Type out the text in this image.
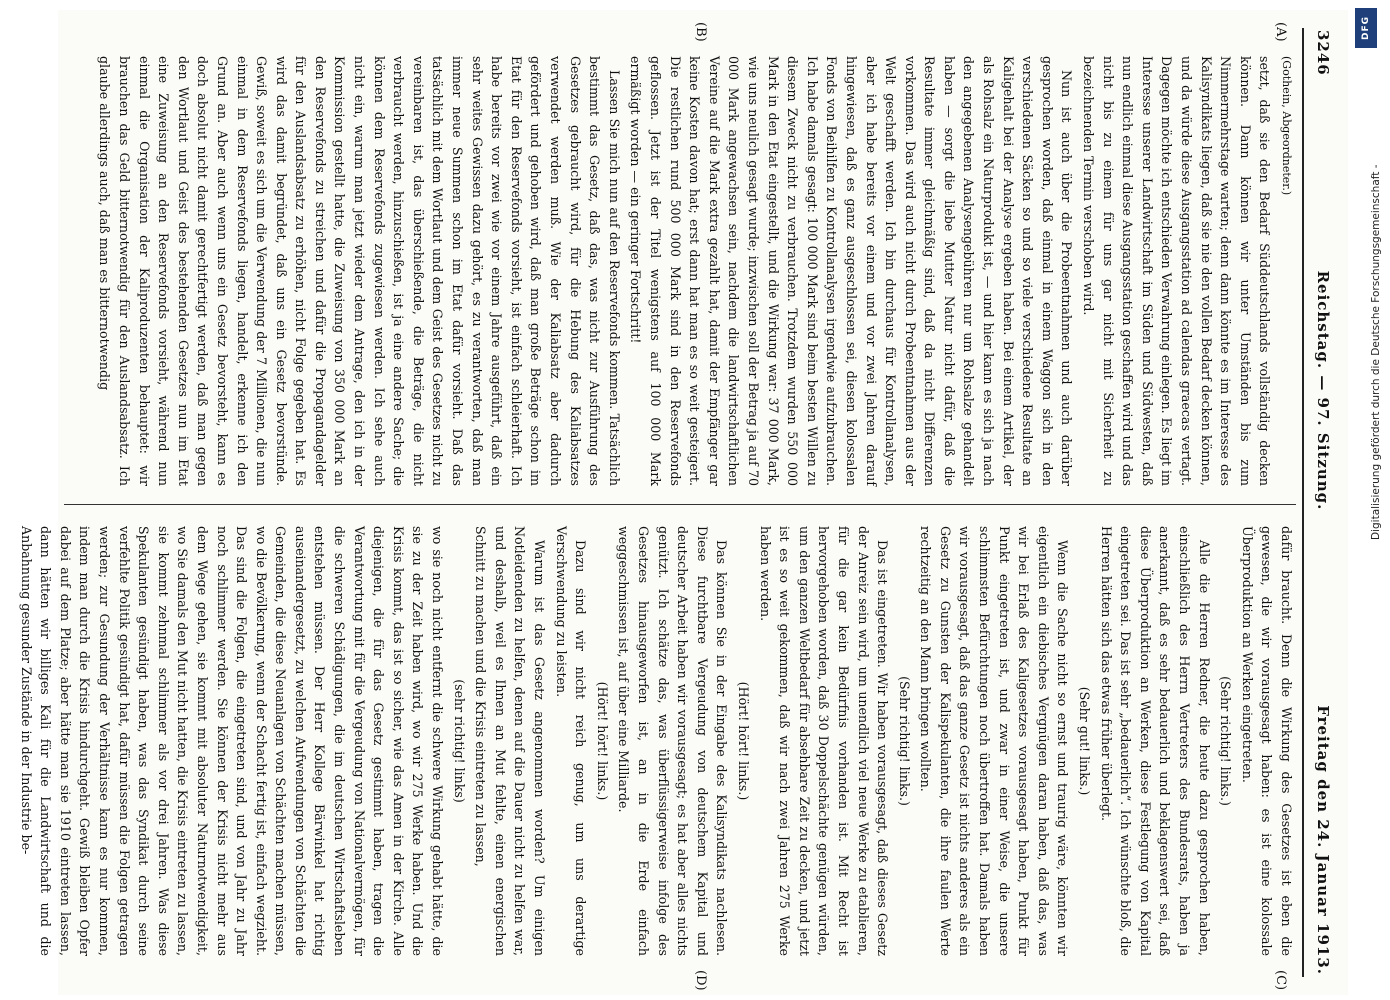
3246
Reichstag. — 97. Sitzung.
Freitag den 24. Januar 1913.
(A)
(B)
(C)
(D)

(Gothein, Abgeordneter.)

setzt, daß sie den Bedarf Süddeutschlands vollständig decken können. Dann können wir unter Umständen bis zum Nimmermehrstage warten; denn dann könnte es im Interesse des Kalisyndikats liegen, daß sie nie den vollen Bedarf decken können, und da würde diese Ausgangsstation ad calendas graecas vertagt. Dagegen möchte ich entschieden Verwahrung einlegen. Es liegt im Interesse unserer Landwirtschaft im Süden und Südwesten, daß nun endlich einmal diese Ausgangsstation geschaffen wird und das nicht bis zu einem für uns gar nicht mit Sicherheit zu bezeichnenden Termin verschoben wird.

Nun ist auch über die Probeentnahmen und auch darüber gesprochen worden, daß einmal in einem Waggon sich in den verschiedenen Säcken so und so viele verschiedene Resultate an Kaligehalt bei der Analyse ergeben haben. Bei einem Artikel, der als Rohsalz ein Naturprodukt ist, — und hier kann es sich ja nach den angegebenen Analysengebühren nur um Rohsalze gehandelt haben — sorgt die liebe Mutter Natur nicht dafür, daß die Resultate immer gleichmäßig sind, daß da nicht Differenzen vorkommen. Das wird auch nicht durch Probeentnahmen aus der Welt geschafft werden. Ich bin durchaus für Kontrollanalysen, aber ich habe bereits vor einem und vor zwei Jahren darauf hingewiesen, daß es ganz ausgeschlossen sei, diesen kolossalen Fonds von Beihilfen zu Kontrollanalysen irgendwie aufzubrauchen. Ich habe damals gesagt: 100 000 Mark sind beim besten Willen zu diesem Zweck nicht zu verbrauchen. Trotzdem wurden 550 000 Mark in den Etat eingestellt, und die Wirkung war: 37 000 Mark, wie uns neulich gesagt wurde; inzwischen soll der Betrag ja auf 70 000 Mark angewachsen sein, nachdem die landwirtschaftlichen Vereine auf die Mark extra gezahlt hat, damit der Empfänger gar keine Kosten davon hat; erst dann hat man es so weit gesteigert. Die restlichen rund 500 000 Mark sind in den Reservefonds geflossen. Jetzt ist der Titel wenigstens auf 100 000 Mark ermäßigt worden — ein geringer Fortschritt!

Lassen Sie mich nun auf den Reservefonds kommen. Tatsächlich bestimmt das Gesetz, daß das, was nicht zur Ausführung des Gesetzes gebraucht wird, für die Hebung des Kaliabsatzes verwendet werden muß. Wie der Kaliabsatz aber dadurch gefördert und gehoben wird, daß man große Beträge schon im Etat für den Reservefonds vorsieht, ist einfach schleierhaft. Ich habe bereits vor zwei wie vor einem Jahre ausgeführt, daß ein sehr weites Gewissen dazu gehört, es zu verantworten, daß man immer neue Summen schon im Etat dafür vorsieht. Daß das tatsächlich mit dem Wortlaut und dem Geist des Gesetzes nicht zu vereinbaren ist, das überschießende, die Beträge, die nicht verbraucht werden, hinzuschießen, ist ja eine andere Sache; die können dem Reservefonds zugewiesen werden. Ich sehe auch nicht ein, warum man jetzt wieder dem Antrage, den ich in der Kommission gestellt hatte, die Zuweisung von 350 000 Mark an den Reservefonds zu streichen und dafür die Propagandagelder für den Auslandsabsatz zu erhöhen, nicht Folge gegeben hat. Es wird das damit begründet, daß uns ein Gesetz bevorstünde. Gewiß, soweit es sich um die Verwendung der 7 Millionen, die nun einmal in dem Reservefonds liegen, handelt, erkenne ich den Grund an. Aber auch wenn uns ein Gesetz bevorsteht, kann es doch absolut nicht damit gerechtfertigt werden, daß man gegen den Wortlaut und Geist des bestehenden Gesetzes nun im Etat eine Zuweisung an den Reservefonds vorsieht, während nun einmal die Organisation der Kaliproduzenten behauptet: wir brauchen das Geld bitternotwendig für den Auslandsabsatz. Ich glaube allerdings auch, daß man es bitternotwendig

dafür braucht. Denn die Wirkung des Gesetzes ist eben die gewesen, die wir vorausgesagt haben: es ist eine kolossale Überproduktion an Werken eingetreten.

(Sehr richtig! links.)

Alle die Herren Redner, die heute dazu gesprochen haben, einschließlich des Herrn Vertreters des Bundesrats, haben ja anerkannt, daß es sehr bedauerlich und beklagenswert sei, daß diese Überproduktion an Werken, diese Festlegung von Kapital eingetreten sei. Das ist sehr „bedauerlich“. Ich wünschte bloß, die Herren hätten sich das etwas früher überlegt.

(Sehr gut! links.)

Wenn die Sache nicht so ernst und traurig wäre, könnten wir eigentlich ein diebisches Vergnügen daran haben, daß das, was wir bei Erlaß des Kaligesetzes vorausgesagt haben, Punkt für Punkt eingetreten ist, und zwar in einer Weise, die unsere schlimmsten Befürchtungen noch übertroffen hat. Damals haben wir vorausgesagt, daß das ganze Gesetz ist nichts anderes als ein Gesetz zu Gunsten der Kalispekulanten, die ihre faulen Werte rechtzeitig an den Mann bringen wollten.

(Sehr richtig! links.)

Das ist eingetreten. Wir haben vorausgesagt, daß dieses Gesetz der Anreiz sein wird, um unendlich viel neue Werke zu etablieren, für die gar kein Bedürfnis vorhanden ist. Mit Recht ist hervorgehoben worden, daß 30 Doppelschächte genügen würden, um den ganzen Weltbedarf für absehbare Zeit zu decken, und jetzt ist es so weit gekommen, daß wir nach zwei Jahren 275 Werke haben werden.

(Hört! hört! links.)

Das können Sie in der Eingabe des Kalisyndikats nachlesen. Diese furchtbare Vergeudung von deutschem Kapital und deutscher Arbeit haben wir vorausgesagt; es hat aber alles nichts genützt. Ich schätze das, was überflüssigerweise infolge des Gesetzes hinausgeworfen ist, an in die Erde einfach weggeschmissen ist, auf über eine Milliarde.

(Hört! hört! links.)

Dazu sind wir nicht reich genug, um uns derartige Verschwendung zu leisten.

Warum ist das Gesetz angenommen worden? Um einigen Notleidenden zu helfen, denen auf die Dauer nicht zu helfen war, und deshalb, weil es Ihnen an Mut fehlte, einen energischen Schnitt zu machen und die Krisis eintreten zu lassen,

(sehr richtig! links)

wo sie noch nicht entfernt die schwere Wirkung gehabt hätte, die sie zu der Zeit haben wird, wo wir 275 Werke haben. Und die Krisis kommt, das ist so sicher, wie das Amen in der Kirche. Alle diejenigen, die für das Gesetz gestimmt haben, tragen die Verantwortung mit für die Vergeudung von Nationalvermögen, für die schweren Schädigungen, die im deutschen Wirtschaftsleben entstehen müssen. Der Herr Kollege Bärwinkel hat richtig auseinandergesetzt, zu welchen Aufwendungen von Schächten die Gemeinden, die diese Neuanlagen von Schächten machen müssen, wo die Bevölkerung, wenn der Schacht fertig ist, einfach wegzieht. Das sind die Folgen, die eingetreten sind, und von Jahr zu Jahr noch schlimmer werden. Sie können der Krisis nicht mehr aus dem Wege gehen, sie kommt mit absoluter Naturnotwendigkeit, wo Sie damals den Mut nicht hatten, die Krisis eintreten zu lassen, sie kommt zehnmal schlimmer als vor drei Jahren. Was diese Spekulanten gesündigt haben, was das Syndikat durch seine verfehlte Politik gesündigt hat, dafür müssen die Folgen getragen werden; zur Gesundung der Verhältnisse kann es nur kommen, indem man durch die Krisis hindurchgeht. Gewiß bleiben Opfer dabei auf dem Platze; aber hätte man sie 1910 eintreten lassen, dann hätten wir billiges Kali für die Landwirtschaft und die Anbahnung gesunder Zustände in der Industrie be-

DFG
Digitalisierung gefördert durch die Deutsche Forschungsgemeinschaft -
